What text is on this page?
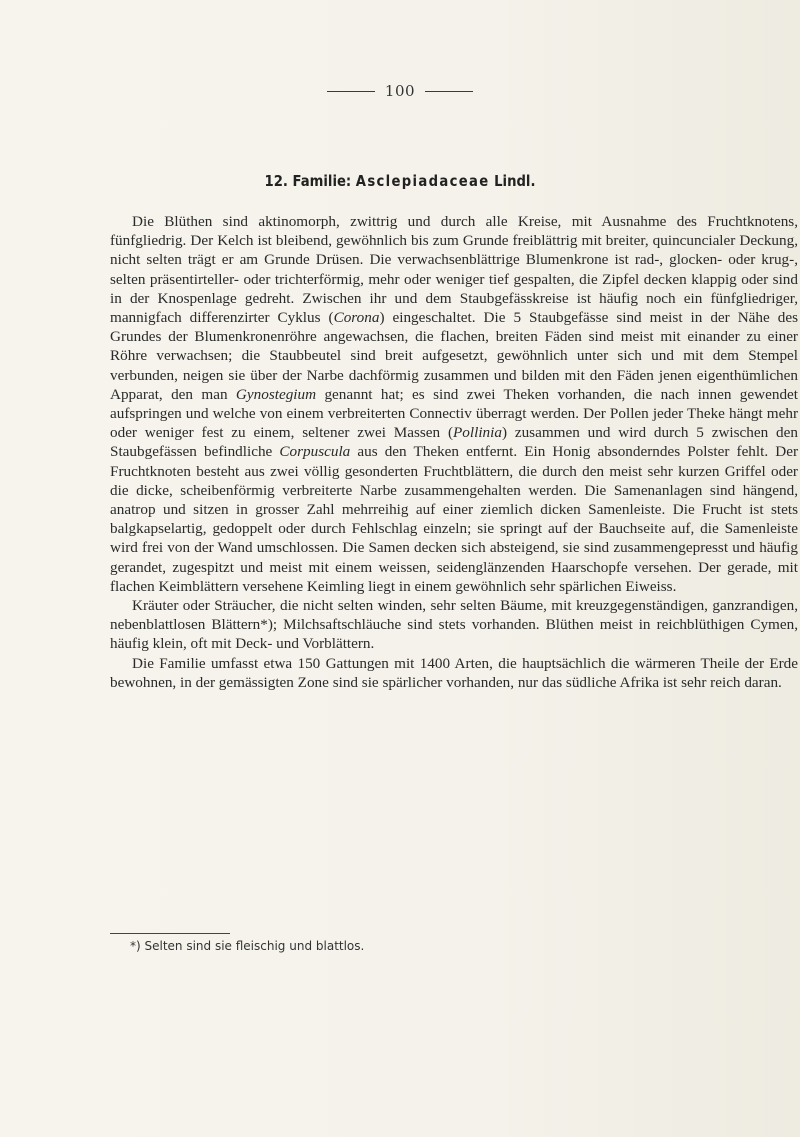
100
12. Familie: Asclepiadaceae Lindl.

Die Blüthen sind aktinomorph, zwittrig und durch alle Kreise, mit Ausnahme des Fruchtknotens, fünfgliedrig. Der Kelch ist bleibend, gewöhnlich bis zum Grunde freiblättrig mit breiter, quincuncialer Deckung, nicht selten trägt er am Grunde Drüsen. Die verwachsenblättrige Blumenkrone ist rad-, glocken- oder krug-, selten präsentirteller- oder trichterförmig, mehr oder weniger tief gespalten, die Zipfel decken klappig oder sind in der Knospenlage gedreht. Zwischen ihr und dem Staubgefässkreise ist häufig noch ein fünfgliedriger, mannigfach differenzirter Cyklus (Corona) eingeschaltet. Die 5 Staubgefässe sind meist in der Nähe des Grundes der Blumenkronenröhre angewachsen, die flachen, breiten Fäden sind meist mit einander zu einer Röhre verwachsen; die Staubbeutel sind breit aufgesetzt, gewöhnlich unter sich und mit dem Stempel verbunden, neigen sie über der Narbe dachförmig zusammen und bilden mit den Fäden jenen eigenthümlichen Apparat, den man Gynostegium genannt hat; es sind zwei Theken vorhanden, die nach innen gewendet aufspringen und welche von einem verbreiterten Connectiv überragt werden. Der Pollen jeder Theke hängt mehr oder weniger fest zu einem, seltener zwei Massen (Pollinia) zusammen und wird durch 5 zwischen den Staubgefässen befindliche Corpuscula aus den Theken entfernt. Ein Honig absonderndes Polster fehlt. Der Fruchtknoten besteht aus zwei völlig gesonderten Fruchtblättern, die durch den meist sehr kurzen Griffel oder die dicke, scheibenförmig verbreiterte Narbe zusammengehalten werden. Die Samenanlagen sind hängend, anatrop und sitzen in grosser Zahl mehrreihig auf einer ziemlich dicken Samenleiste. Die Frucht ist stets balgkapselartig, gedoppelt oder durch Fehlschlag einzeln; sie springt auf der Bauchseite auf, die Samenleiste wird frei von der Wand umschlossen. Die Samen decken sich absteigend, sie sind zusammengepresst und häufig gerandet, zugespitzt und meist mit einem weissen, seidenglänzenden Haarschopfe versehen. Der gerade, mit flachen Keimblättern versehene Keimling liegt in einem gewöhnlich sehr spärlichen Eiweiss.

Kräuter oder Sträucher, die nicht selten winden, sehr selten Bäume, mit kreuzgegenständigen, ganzrandigen, nebenblattlosen Blättern*); Milchsaftschläuche sind stets vorhanden. Blüthen meist in reichblüthigen Cymen, häufig klein, oft mit Deck- und Vorblättern.

Die Familie umfasst etwa 150 Gattungen mit 1400 Arten, die hauptsächlich die wärmeren Theile der Erde bewohnen, in der gemässigten Zone sind sie spärlicher vorhanden, nur das südliche Afrika ist sehr reich daran.

*) Selten sind sie fleischig und blattlos.
